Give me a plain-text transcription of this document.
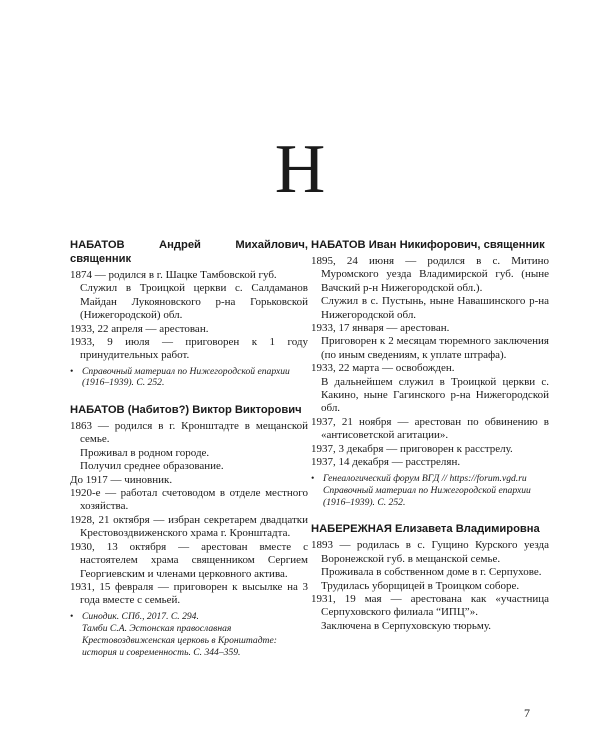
Н
НАБАТОВ Андрей Михайлович, священник
1874 — родился в г. Шацке Тамбовской губ.
Служил в Троицкой церкви с. Салдаманов Майдан Лукояновского р-на Горьковской (Нижегородской) обл.
1933, 22 апреля — арестован.
1933, 9 июля — приговорен к 1 году принудительных работ.
• Справочный материал по Нижегородской епархии (1916–1939). С. 252.
НАБАТОВ (Набитов?) Виктор Викторович
1863 — родился в г. Кронштадте в мещанской семье.
Проживал в родном городе.
Получил среднее образование.
До 1917 — чиновник.
1920-е — работал счетоводом в отделе местного хозяйства.
1928, 21 октября — избран секретарем двадцатки Крестовоздвиженского храма г. Кронштадта.
1930, 13 октября — арестован вместе с настоятелем храма священником Сергием Георгиевским и членами церковного актива.
1931, 15 февраля — приговорен к высылке на 3 года вместе с семьей.
• Синодик. СПб., 2017. С. 294.
Тамби С.А. Эстонская православная Крестовоздвиженская церковь в Кронштадте: история и современность. С. 344–359.
НАБАТОВ Иван Никифорович, священник
1895, 24 июня — родился в с. Митино Муромского уезда Владимирской губ. (ныне Вачский р-н Нижегородской обл.).
Служил в с. Пустынь, ныне Навашинского р-на Нижегородской обл.
1933, 17 января — арестован.
Приговорен к 2 месяцам тюремного заключения (по иным сведениям, к уплате штрафа).
1933, 22 марта — освобожден.
В дальнейшем служил в Троицкой церкви с. Какино, ныне Гагинского р-на Нижегородской обл.
1937, 21 ноября — арестован по обвинению в «антисоветской агитации».
1937, 3 декабря — приговорен к расстрелу.
1937, 14 декабря — расстрелян.
• Генеалогический форум ВГД // https://forum.vgd.ru
Справочный материал по Нижегородской епархии (1916–1939). С. 252.
НАБЕРЕЖНАЯ Елизавета Владимировна
1893 — родилась в с. Гущино Курского уезда Воронежской губ. в мещанской семье.
Проживала в собственном доме в г. Серпухове.
Трудилась уборщицей в Троицком соборе.
1931, 19 мая — арестована как «участница Серпуховского филиала “ИПЦ”».
Заключена в Серпуховскую тюрьму.
7
